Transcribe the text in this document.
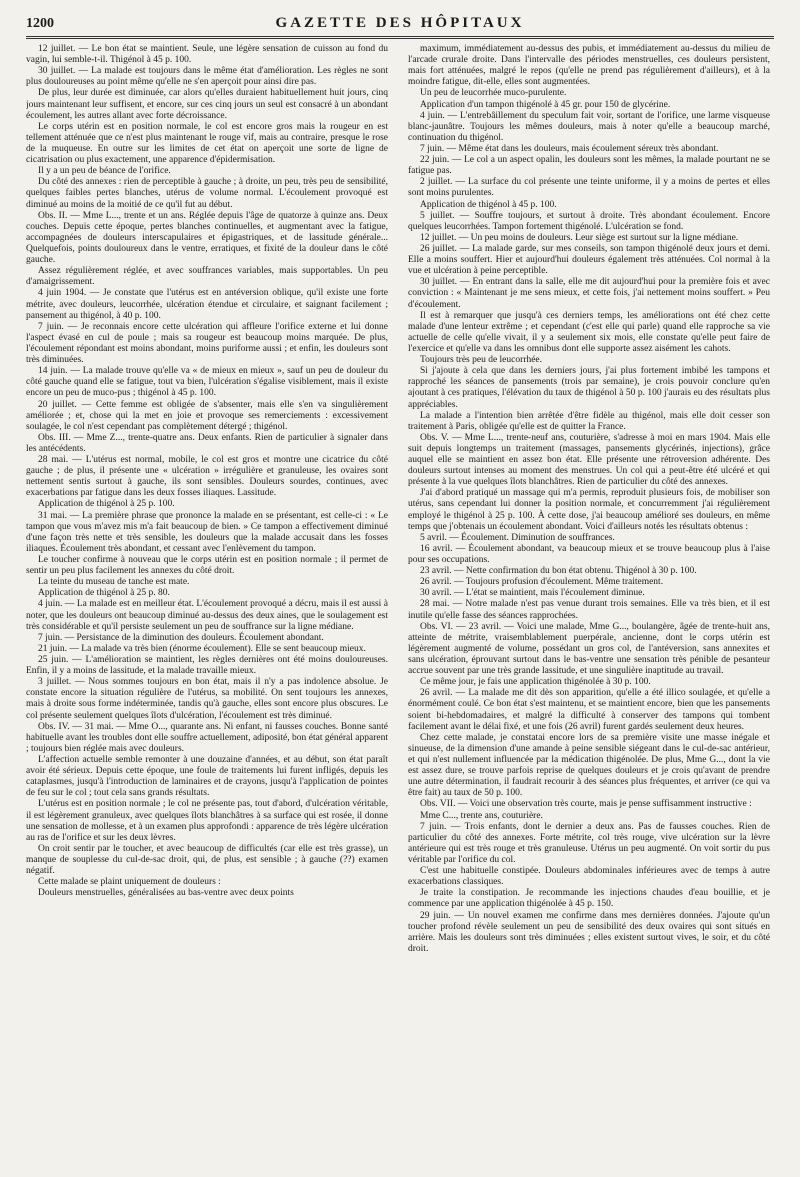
1200	GAZETTE DES HÔPITAUX

12 juillet. — Le bon état se maintient. Seule, une légère sensation de cuisson au fond du vagin, lui semble-t-il. Thigénol à 45 p. 100.

30 juillet. — La malade est toujours dans le même état d'amélioration. Les règles ne sont plus douloureuses au point même qu'elle ne s'en aperçoit pour ainsi dire pas.

De plus, leur durée est diminuée, car alors qu'elles duraient habituellement huit jours, cinq jours maintenant leur suffisent, et encore, sur ces cinq jours un seul est consacré à un abondant écoulement, les autres allant avec forte décroissance.

Le corps utérin est en position normale, le col est encore gros mais la rougeur en est tellement atténuée que ce n'est plus maintenant le rouge vif, mais au contraire, presque le rose de la muqueuse. En outre sur les limites de cet état on aperçoit une sorte de ligne de cicatrisation ou plus exactement, une apparence d'épidermisation.

Il y a un peu de béance de l'orifice.

Du côté des annexes : rien de perceptible à gauche ; à droite, un peu, très peu de sensibilité, quelques faibles pertes blanches, utérus de volume normal. L'écoulement provoqué est diminué au moins de la moitié de ce qu'il fut au début.

Obs. II. — Mme L..., trente et un ans. Réglée depuis l'âge de quatorze à quinze ans. Deux couches. Depuis cette époque, pertes blanches continuelles, et augmentant avec la fatigue, accompagnées de douleurs interscapulaires et épigastriques, et de lassitude générale... Quelquefois, points douloureux dans le ventre, erratiques, et fixité de la douleur dans le côté gauche.

Assez régulièrement réglée, et avec souffrances variables, mais supportables. Un peu d'amaigrissement.

4 juin 1904. — Je constate que l'utérus est en antéversion oblique, qu'il existe une forte métrite, avec douleurs, leucorrhée, ulcération étendue et circulaire, et saignant facilement ; pansement au thigénol, à 40 p. 100.

7 juin. — Je reconnais encore cette ulcération qui affleure l'orifice externe et lui donne l'aspect évasé en cul de poule ; mais sa rougeur est beaucoup moins marquée. De plus, l'écoulement répondant est moins abondant, moins puriforme aussi ; et enfin, les douleurs sont très diminuées.

14 juin. — La malade trouve qu'elle va « de mieux en mieux », sauf un peu de douleur du côté gauche quand elle se fatigue, tout va bien, l'ulcération s'égalise visiblement, mais il existe encore un peu de muco-pus ; thigénol à 45 p. 100.

20 juillet. — Cette femme est obligée de s'absenter, mais elle s'en va singulièrement améliorée ; et, chose qui la met en joie et provoque ses remerciements : excessivement soulagée, le col n'est cependant pas complètement détergé ; thigénol.

Obs. III. — Mme Z..., trente-quatre ans. Deux enfants. Rien de particulier à signaler dans les antécédents.

28 mai. — L'utérus est normal, mobile, le col est gros et montre une cicatrice du côté gauche ; de plus, il présente une « ulcération » irrégulière et granuleuse, les ovaires sont nettement sentis surtout à gauche, ils sont sensibles. Douleurs sourdes, continues, avec exacerbations par fatigue dans les deux fosses iliaques. Lassitude.

Application de thigénol à 25 p. 100.

31 mai. — La première phrase que prononce la malade en se présentant, est celle-ci : « Le tampon que vous m'avez mis m'a fait beaucoup de bien. » Ce tampon a effectivement diminué d'une façon très nette et très sensible, les douleurs que la malade accusait dans les fosses iliaques. Écoulement très abondant, et cessant avec l'enlèvement du tampon.

Le toucher confirme à nouveau que le corps utérin est en position normale ; il permet de sentir un peu plus facilement les annexes du côté droit.

La teinte du museau de tanche est mate.

Application de thigénol à 25 p. 80.

4 juin. — La malade est en meilleur état. L'écoulement provoqué a décru, mais il est aussi à noter, que les douleurs ont beaucoup diminué au-dessus des deux aines, que le soulagement est très considérable et qu'il persiste seulement un peu de souffrance sur la ligne médiane.

7 juin. — Persistance de la diminution des douleurs. Écoulement abondant.

21 juin. — La malade va très bien (énorme écoulement). Elle se sent beaucoup mieux.

25 juin. — L'amélioration se maintient, les règles dernières ont été moins douloureuses. Enfin, il y a moins de lassitude, et la malade travaille mieux.

3 juillet. — Nous sommes toujours en bon état, mais il n'y a pas indolence absolue. Je constate encore la situation régulière de l'utérus, sa mobilité. On sent toujours les annexes, mais à droite sous forme indéterminée, tandis qu'à gauche, elles sont encore plus obscures. Le col présente seulement quelques îlots d'ulcération, l'écoulement est très diminué.

Obs. IV. — 31 mai. — Mme O..., quarante ans. Ni enfant, ni fausses couches. Bonne santé habituelle avant les troubles dont elle souffre actuellement, adiposité, bon état général apparent ; toujours bien réglée mais avec douleurs.

L'affection actuelle semble remonter à une douzaine d'années, et au début, son état paraît avoir été sérieux. Depuis cette époque, une foule de traitements lui furent infligés, depuis les cataplasmes, jusqu'à l'introduction de laminaires et de crayons, jusqu'à l'application de pointes de feu sur le col ; tout cela sans grands résultats.

L'utérus est en position normale ; le col ne présente pas, tout d'abord, d'ulcération véritable, il est légèrement granuleux, avec quelques îlots blanchâtres à sa surface qui est rosée, il donne une sensation de mollesse, et à un examen plus approfondi : apparence de très légère ulcération au ras de l'orifice et sur les deux lèvres.

On croit sentir par le toucher, et avec beaucoup de difficultés (car elle est très grasse), un manque de souplesse du cul-de-sac droit, qui, de plus, est sensible ; à gauche (??) examen négatif.

Cette malade se plaint uniquement de douleurs :

Douleurs menstruelles, généralisées au bas-ventre avec deux points

maximum, immédiatement au-dessus des pubis, et immédiatement au-dessus du milieu de l'arcade crurale droite. Dans l'intervalle des périodes menstruelles, ces douleurs persistent, mais fort atténuées, malgré le repos (qu'elle ne prend pas régulièrement d'ailleurs), et à la moindre fatigue, dit-elle, elles sont augmentées.

Un peu de leucorrhée muco-purulente.

Application d'un tampon thigénolé à 45 gr. pour 150 de glycérine.

4 juin. — L'entrebâillement du speculum fait voir, sortant de l'orifice, une larme visqueuse blanc-jaunâtre. Toujours les mêmes douleurs, mais à noter qu'elle a beaucoup marché, continuation du thigénol.

7 juin. — Même état dans les douleurs, mais écoulement séreux très abondant.

22 juin. — Le col a un aspect opalin, les douleurs sont les mêmes, la malade pourtant ne se fatigue pas.

2 juillet. — La surface du col présente une teinte uniforme, il y a moins de pertes et elles sont moins purulentes.

Application de thigénol à 45 p. 100.

5 juillet. — Souffre toujours, et surtout à droite. Très abondant écoulement. Encore quelques leucorrhées. Tampon fortement thigénolé. L'ulcération se fond.

12 juillet. — Un peu moins de douleurs. Leur siège est surtout sur la ligne médiane.

26 juillet. — La malade garde, sur mes conseils, son tampon thigénolé deux jours et demi. Elle a moins souffert. Hier et aujourd'hui douleurs également très atténuées. Col normal à la vue et ulcération à peine perceptible.

30 juillet. — En entrant dans la salle, elle me dit aujourd'hui pour la première fois et avec conviction : « Maintenant je me sens mieux, et cette fois, j'ai nettement moins souffert. » Peu d'écoulement.

Il est à remarquer que jusqu'à ces derniers temps, les améliorations ont été chez cette malade d'une lenteur extrême ; et cependant (c'est elle qui parle) quand elle rapproche sa vie actuelle de celle qu'elle vivait, il y a seulement six mois, elle constate qu'elle peut faire de l'exercice et qu'elle va dans les omnibus dont elle supporte assez aisément les cahots.

Toujours très peu de leucorrhée.

Si j'ajoute à cela que dans les derniers jours, j'ai plus fortement imbibé les tampons et rapproché les séances de pansements (trois par semaine), je crois pouvoir conclure qu'en ajoutant à ces pratiques, l'élévation du taux de thigénol à 50 p. 100 j'aurais eu des résultats plus appréciables.

La malade a l'intention bien arrêtée d'être fidèle au thigénol, mais elle doit cesser son traitement à Paris, obligée qu'elle est de quitter la France.

Obs. V. — Mme L..., trente-neuf ans, couturière, s'adresse à moi en mars 1904. Mais elle suit depuis longtemps un traitement (massages, pansements glycérinés, injections), grâce auquel elle se maintient en assez bon état. Elle présente une rétroversion adhérente. Des douleurs surtout intenses au moment des menstrues. Un col qui a peut-être été ulcéré et qui présente à la vue quelques îlots blanchâtres. Rien de particulier du côté des annexes.

J'ai d'abord pratiqué un massage qui m'a permis, reproduit plusieurs fois, de mobiliser son utérus, sans cependant lui donner la position normale, et concurremment j'ai régulièrement employé le thigénol à 25 p. 100. À cette dose, j'ai beaucoup amélioré ses douleurs, en même temps que j'obtenais un écoulement abondant. Voici d'ailleurs notés les résultats obtenus :

5 avril. — Écoulement. Diminution de souffrances.

16 avril. — Écoulement abondant, va beaucoup mieux et se trouve beaucoup plus à l'aise pour ses occupations.

23 avril. — Nette confirmation du bon état obtenu. Thigénol à 30 p. 100.

26 avril. — Toujours profusion d'écoulement. Même traitement.

30 avril. — L'état se maintient, mais l'écoulement diminue.

28 mai. — Notre malade n'est pas venue durant trois semaines. Elle va très bien, et il est inutile qu'elle fasse des séances rapprochées.

Obs. VI. — 23 avril. — Voici une malade, Mme G..., boulangère, âgée de trente-huit ans, atteinte de métrite, vraisemblablement puerpérale, ancienne, dont le corps utérin est légèrement augmenté de volume, possédant un gros col, de l'antéversion, sans annexites et sans ulcération, éprouvant surtout dans le bas-ventre une sensation très pénible de pesanteur accrue souvent par une très grande lassitude, et une singulière inaptitude au travail.

Ce même jour, je fais une application thigénolée à 30 p. 100.

26 avril. — La malade me dit dès son apparition, qu'elle a été illico soulagée, et qu'elle a énormément coulé. Ce bon état s'est maintenu, et se maintient encore, bien que les pansements soient bi-hebdomadaires, et malgré la difficulté à conserver des tampons qui tombent facilement avant le délai fixé, et une fois (26 avril) furent gardés seulement deux heures.

Chez cette malade, je constatai encore lors de sa première visite une masse inégale et sinueuse, de la dimension d'une amande à peine sensible siégeant dans le cul-de-sac antérieur, et qui n'est nullement influencée par la médication thigénolée. De plus, Mme G..., dont la vie est assez dure, se trouve parfois reprise de quelques douleurs et je crois qu'avant de prendre une autre détermination, il faudrait recourir à des séances plus fréquentes, et arriver (ce qui va être fait) au taux de 50 p. 100.

Obs. VII. — Voici une observation très courte, mais je pense suffisamment instructive :

Mme C..., trente ans, couturière.

7 juin. — Trois enfants, dont le dernier a deux ans. Pas de fausses couches. Rien de particulier du côté des annexes. Forte métrite, col très rouge, vive ulcération sur la lèvre antérieure qui est très rouge et très granuleuse. Utérus un peu augmenté. On voit sortir du pus véritable par l'orifice du col.

C'est une habituelle constipée. Douleurs abdominales inférieures avec de temps à autre exacerbations classiques.

Je traite la constipation. Je recommande les injections chaudes d'eau bouillie, et je commence par une application thigénolée à 45 p. 150.

29 juin. — Un nouvel examen me confirme dans mes dernières données. J'ajoute qu'un toucher profond révèle seulement un peu de sensibilité des deux ovaires qui sont situés en arrière. Mais les douleurs sont très diminuées ; elles existent surtout vives, le soir, et du côté droit.
